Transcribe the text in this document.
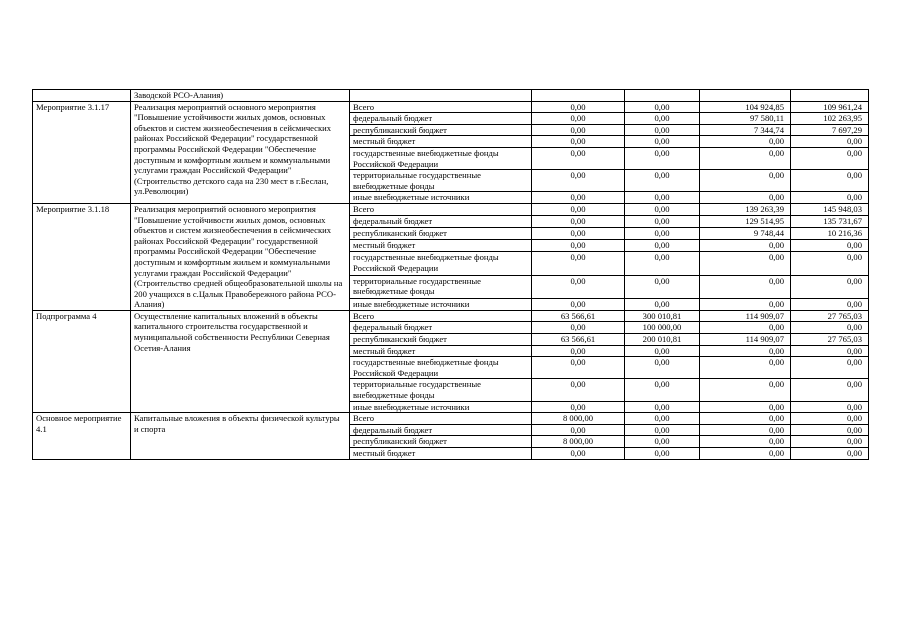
	Заводской РСО-Алания)					
Мероприятие 3.1.17	Реализация мероприятий основного мероприятия "Повышение устойчивости жилых домов, основных объектов и систем жизнеобеспечения в сейсмических районах Российской Федерации" государственной программы Российской Федерации "Обеспечение доступным и комфортным жильем и коммунальными услугами граждан Российской Федерации" (Строительство детского сада на 230 мест в г.Беслан, ул.Революции)	Всего	0,00	0,00	104 924,85	109 961,24
		федеральный бюджет	0,00	0,00	97 580,11	102 263,95
		республиканский бюджет	0,00	0,00	7 344,74	7 697,29
		местный бюджет	0,00	0,00	0,00	0,00
		государственные внебюджетные фонды Российской Федерации	0,00	0,00	0,00	0,00
		территориальные государственные внебюджетные фонды	0,00	0,00	0,00	0,00
		иные внебюджетные источники	0,00	0,00	0,00	0,00
Мероприятие 3.1.18	Реализация мероприятий основного мероприятия "Повышение устойчивости жилых домов, основных объектов и систем жизнеобеспечения в сейсмических районах Российской Федерации" государственной программы Российской Федерации "Обеспечение доступным и комфортным жильем и коммунальными услугами граждан Российской Федерации" (Строительство средней общеобразовательной школы на 200 учащихся в с.Цалык Правобережного района РСО-Алания)	Всего	0,00	0,00	139 263,39	145 948,03
		федеральный бюджет	0,00	0,00	129 514,95	135 731,67
		республиканский бюджет	0,00	0,00	9 748,44	10 216,36
		местный бюджет	0,00	0,00	0,00	0,00
		государственные внебюджетные фонды Российской Федерации	0,00	0,00	0,00	0,00
		территориальные государственные внебюджетные фонды	0,00	0,00	0,00	0,00
		иные внебюджетные источники	0,00	0,00	0,00	0,00
Подпрограмма 4	Осуществление капитальных вложений в объекты капитального строительства государственной и муниципальной собственности Республики Северная Осетия-Алания	Всего	63 566,61	300 010,81	114 909,07	27 765,03
		федеральный бюджет	0,00	100 000,00	0,00	0,00
		республиканский бюджет	63 566,61	200 010,81	114 909,07	27 765,03
		местный бюджет	0,00	0,00	0,00	0,00
		государственные внебюджетные фонды Российской Федерации	0,00	0,00	0,00	0,00
		территориальные государственные внебюджетные фонды	0,00	0,00	0,00	0,00
		иные внебюджетные источники	0,00	0,00	0,00	0,00
Основное мероприятие 4.1	Капитальные вложения в объекты физической культуры и спорта	Всего	8 000,00	0,00	0,00	0,00
		федеральный бюджет	0,00	0,00	0,00	0,00
		республиканский бюджет	8 000,00	0,00	0,00	0,00
		местный бюджет	0,00	0,00	0,00	0,00
